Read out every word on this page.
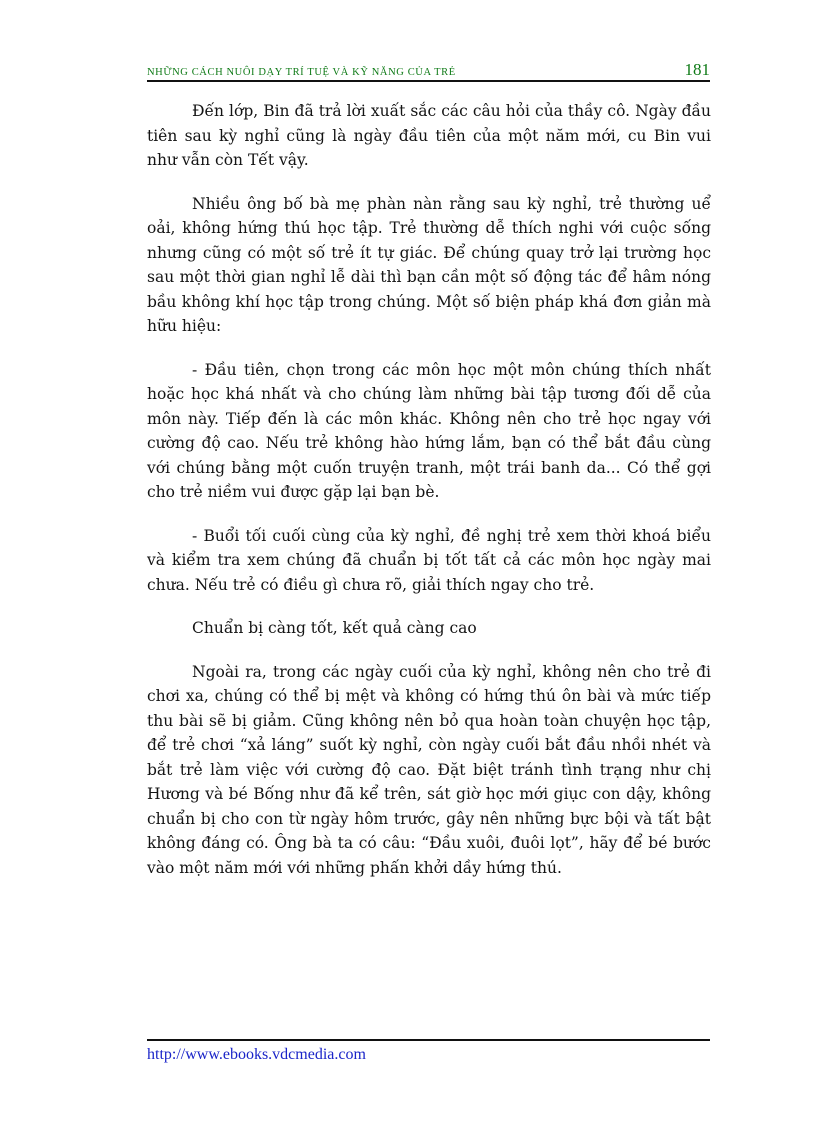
NHỮNG CÁCH NUÔI DẠY TRÍ TUỆ VÀ KỸ NĂNG CỦA TRẺ	181

Đến lớp, Bin đã trả lời xuất sắc các câu hỏi của thầy cô. Ngày đầu tiên sau kỳ nghỉ cũng là ngày đầu tiên của một năm mới, cu Bin vui như vẫn còn Tết vậy.

Nhiều ông bố bà mẹ phàn nàn rằng sau kỳ nghỉ, trẻ thường uể oải, không hứng thú học tập. Trẻ thường dễ thích nghi với cuộc sống nhưng cũng có một số trẻ ít tự giác. Để chúng quay trở lại trường học sau một thời gian nghỉ lễ dài thì bạn cần một số động tác để hâm nóng bầu không khí học tập trong chúng. Một số biện pháp khá đơn giản mà hữu hiệu:

- Đầu tiên, chọn trong các môn học một môn chúng thích nhất hoặc học khá nhất và cho chúng làm những bài tập tương đối dễ của môn này. Tiếp đến là các môn khác. Không nên cho trẻ học ngay với cường độ cao. Nếu trẻ không hào hứng lắm, bạn có thể bắt đầu cùng với chúng bằng một cuốn truyện tranh, một trái banh da... Có thể gợi cho trẻ niềm vui được gặp lại bạn bè.

- Buổi tối cuối cùng của kỳ nghỉ, đề nghị trẻ xem thời khoá biểu và kiểm tra xem chúng đã chuẩn bị tốt tất cả các môn học ngày mai chưa. Nếu trẻ có điều gì chưa rõ, giải thích ngay cho trẻ.

Chuẩn bị càng tốt, kết quả càng cao

Ngoài ra, trong các ngày cuối của kỳ nghỉ, không nên cho trẻ đi chơi xa, chúng có thể bị mệt và không có hứng thú ôn bài và mức tiếp thu bài sẽ bị giảm. Cũng không nên bỏ qua hoàn toàn chuyện học tập, để trẻ chơi “xả láng” suốt kỳ nghỉ, còn ngày cuối bắt đầu nhồi nhét và bắt trẻ làm việc với cường độ cao. Đặt biệt tránh tình trạng như chị Hương và bé Bống như đã kể trên, sát giờ học mới giục con dậy, không chuẩn bị cho con từ ngày hôm trước, gây nên những bực bội và tất bật không đáng có. Ông bà ta có câu: “Đầu xuôi, đuôi lọt”, hãy để bé bước vào một năm mới với những phấn khởi dầy hứng thú.

http://www.ebooks.vdcmedia.com
